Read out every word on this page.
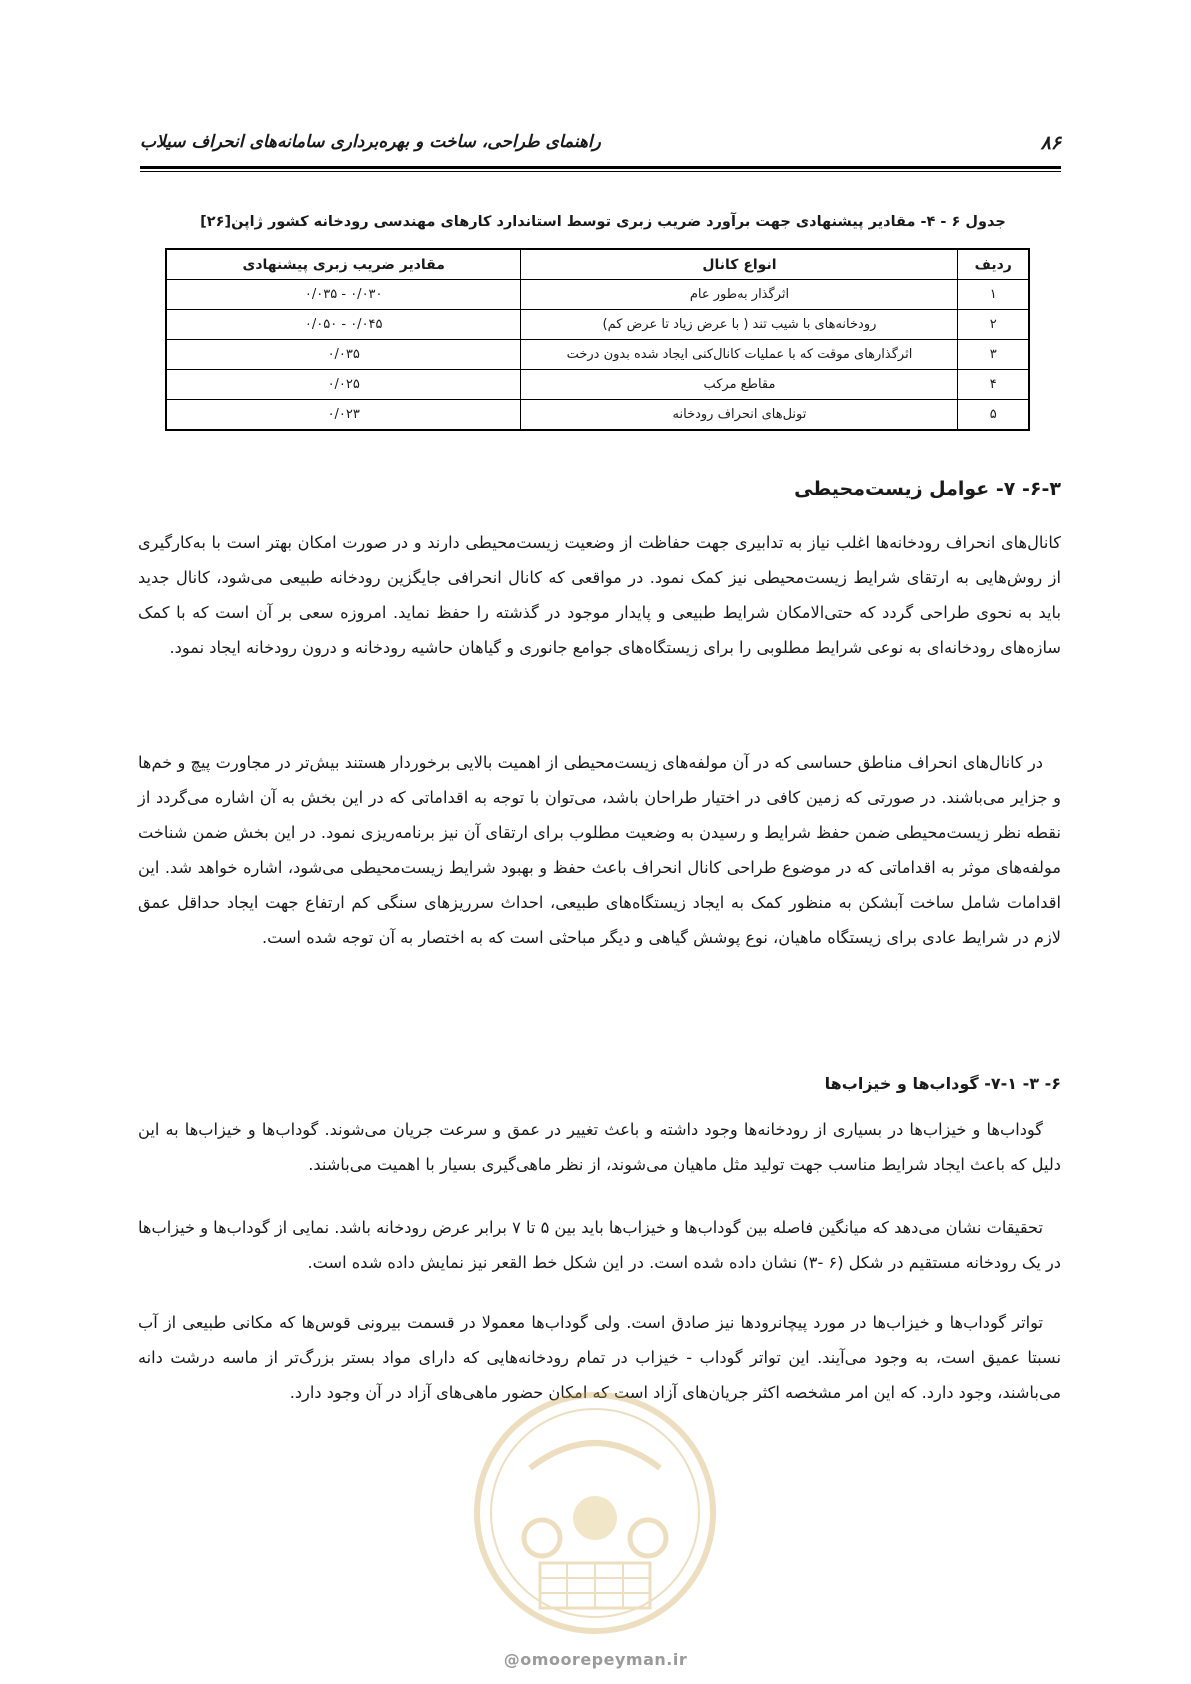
۸۶
راهنمای طراحی، ساخت و بهره‌برداری سامانه‌های انحراف سیلاب
جدول ۶ - ۴- مقادیر پیشنهادی جهت برآورد ضریب زبری توسط استاندارد کارهای مهندسی رودخانه کشور ژاپن[۲۶]
ردیف	انواع کانال	مقادیر ضریب زبری پیشنهادی
۱	اثرگذار به‌طور عام	۰/۰۳۰ - ۰/۰۳۵
۲	رودخانه‌های با شیب تند ( با عرض زیاد تا عرض کم)	۰/۰۴۵ - ۰/۰۵۰
۳	اثرگذارهای موقت که با عملیات کانال‌کنی ایجاد شده بدون درخت	۰/۰۳۵
۴	مقاطع مرکب	۰/۰۲۵
۵	تونل‌های انحراف رودخانه	۰/۰۲۳
۶-۳- ۷- عوامل زیست‌محیطی

کانال‌های انحراف رودخانه‌ها اغلب نیاز به تدابیری جهت حفاظت از وضعیت زیست‌محیطی دارند و در صورت امکان بهتر است با به‌کارگیری از روش‌هایی به ارتقای شرایط زیست‌محیطی نیز کمک نمود. در مواقعی که کانال انحرافی جایگزین رودخانه طبیعی می‌شود، کانال جدید باید به نحوی طراحی گردد که حتی‌الامکان شرایط طبیعی و پایدار موجود در گذشته را حفظ نماید. امروزه سعی بر آن است که با کمک سازه‌های رودخانه‌ای به نوعی شرایط مطلوبی را برای زیستگاه‌های جوامع جانوری و گیاهان حاشیه رودخانه و درون رودخانه ایجاد نمود.

در کانال‌های انحراف مناطق حساسی که در آن مولفه‌های زیست‌محیطی از اهمیت بالایی برخوردار هستند بیش‌تر در مجاورت پیچ و خم‌ها و جزایر می‌باشند. در صورتی که زمین کافی در اختیار طراحان باشد، می‌توان با توجه به اقداماتی که در این بخش به آن اشاره می‌گردد از نقطه نظر زیست‌محیطی ضمن حفظ شرایط و رسیدن به وضعیت مطلوب برای ارتقای آن نیز برنامه‌ریزی نمود. در این بخش ضمن شناخت مولفه‌های موثر به اقداماتی که در موضوع طراحی کانال انحراف باعث حفظ و بهبود شرایط زیست‌محیطی می‌شود، اشاره خواهد شد. این اقدامات شامل ساخت آبشکن به منظور کمک به ایجاد زیستگاه‌های طبیعی، احداث سرریزهای سنگی کم ارتفاع جهت ایجاد حداقل عمق لازم در شرایط عادی برای زیستگاه ماهیان، نوع پوشش گیاهی و دیگر مباحثی است که به اختصار به آن توجه شده است.

۶- ۳- ۷-۱- گوداب‌ها و خیزاب‌ها

گوداب‌ها و خیزاب‌ها در بسیاری از رودخانه‌ها وجود داشته و باعث تغییر در عمق و سرعت جریان می‌شوند. گوداب‌ها و خیزاب‌ها به این دلیل که باعث ایجاد شرایط مناسب جهت تولید مثل ماهیان می‌شوند، از نظر ماهی‌گیری بسیار با اهمیت می‌باشند.

تحقیقات نشان می‌دهد که میانگین فاصله بین گوداب‌ها و خیزاب‌ها باید بین ۵ تا ۷ برابر عرض رودخانه باشد. نمایی از گوداب‌ها و خیزاب‌ها در یک رودخانه مستقیم در شکل (۶ -۳) نشان داده شده است. در این شکل خط القعر نیز نمایش داده شده است.

تواتر گوداب‌ها و خیزاب‌ها در مورد پیچانرودها نیز صادق است. ولی گوداب‌ها معمولا در قسمت بیرونی قوس‌ها که مکانی طبیعی از آب نسبتا عمیق است، به وجود می‌آیند. این تواتر گوداب - خیزاب در تمام رودخانه‌هایی که دارای مواد بستر بزرگ‌تر از ماسه درشت دانه می‌باشند، وجود دارد. که این امر مشخصه اکثر جریان‌های آزاد است که امکان حضور ماهی‌های آزاد در آن وجود دارد.

@omoorepeyman.ir
